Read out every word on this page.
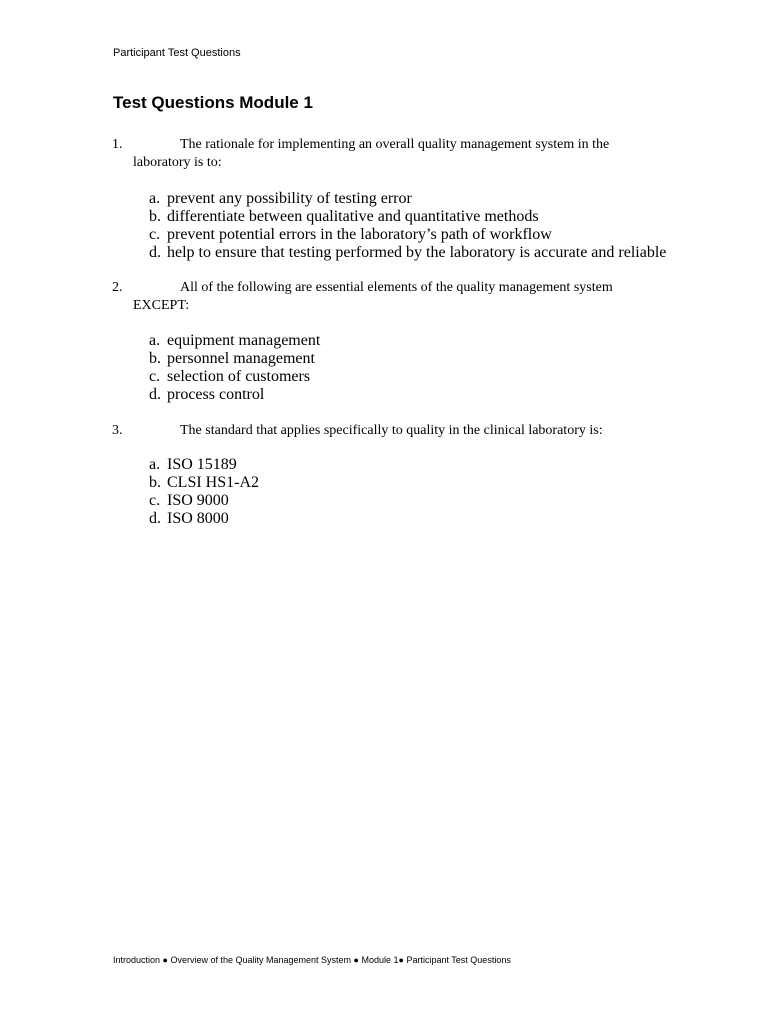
Participant Test Questions
Test Questions Module 1
1.	The rationale for implementing an overall quality management system in the
laboratory is to:
a. prevent any possibility of testing error
b. differentiate between qualitative and quantitative methods
c. prevent potential errors in the laboratory’s path of workflow
d. help to ensure that testing performed by the laboratory is accurate and reliable
2.	All of the following are essential elements of the quality management system
EXCEPT:
a. equipment management
b. personnel management
c. selection of customers
d. process control
3.	The standard that applies specifically to quality in the clinical laboratory is:
a. ISO 15189
b. CLSI HS1-A2
c. ISO 9000
d. ISO 8000
Introduction ● Overview of the Quality Management System ● Module 1● Participant Test Questions
